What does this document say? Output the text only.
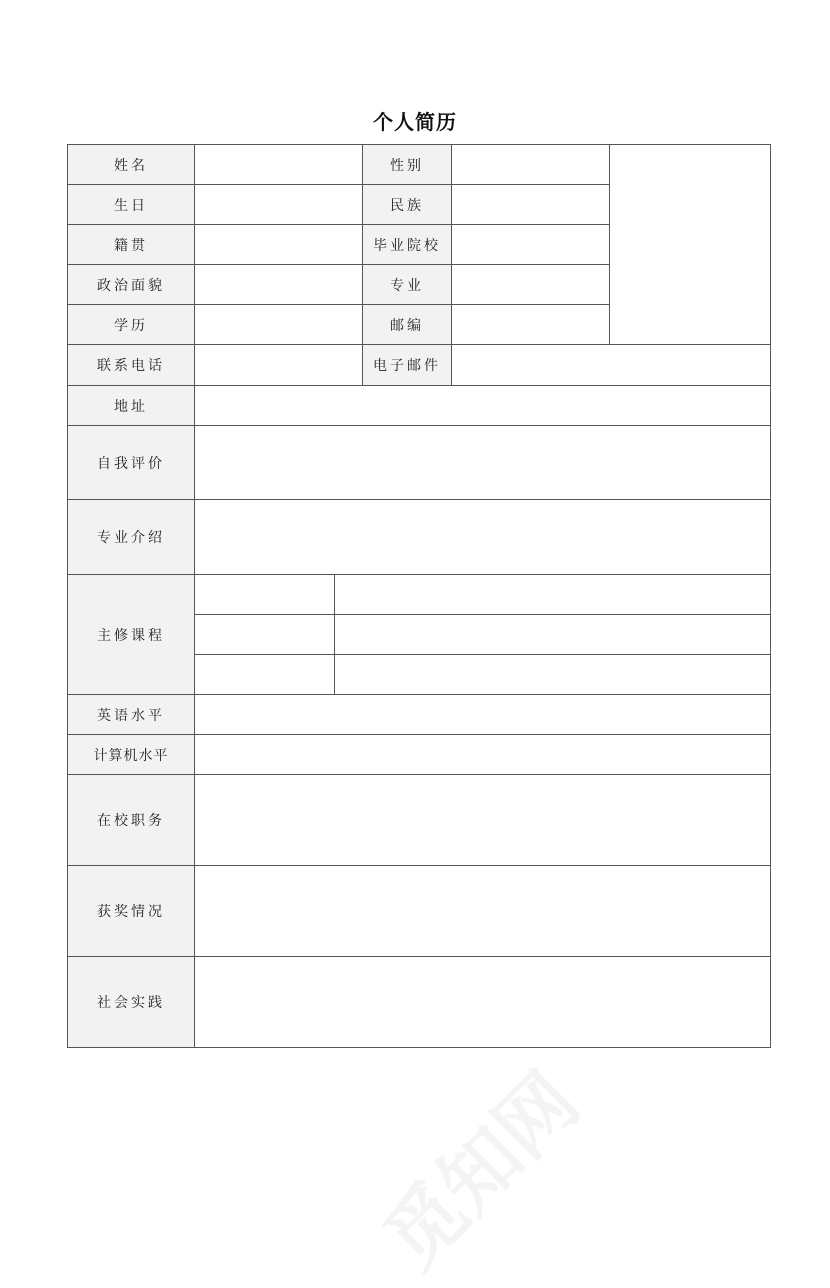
个人简历
姓名			性别		
生日			民族		
籍贯			毕业院校		
政治面貌			专业		
学历			邮编		
联系电话			电子邮件		
地址					
自我评价					
专业介绍					
主修课程					

英语水平					
计算机水平					
在校职务					
获奖情况					
社会实践					
